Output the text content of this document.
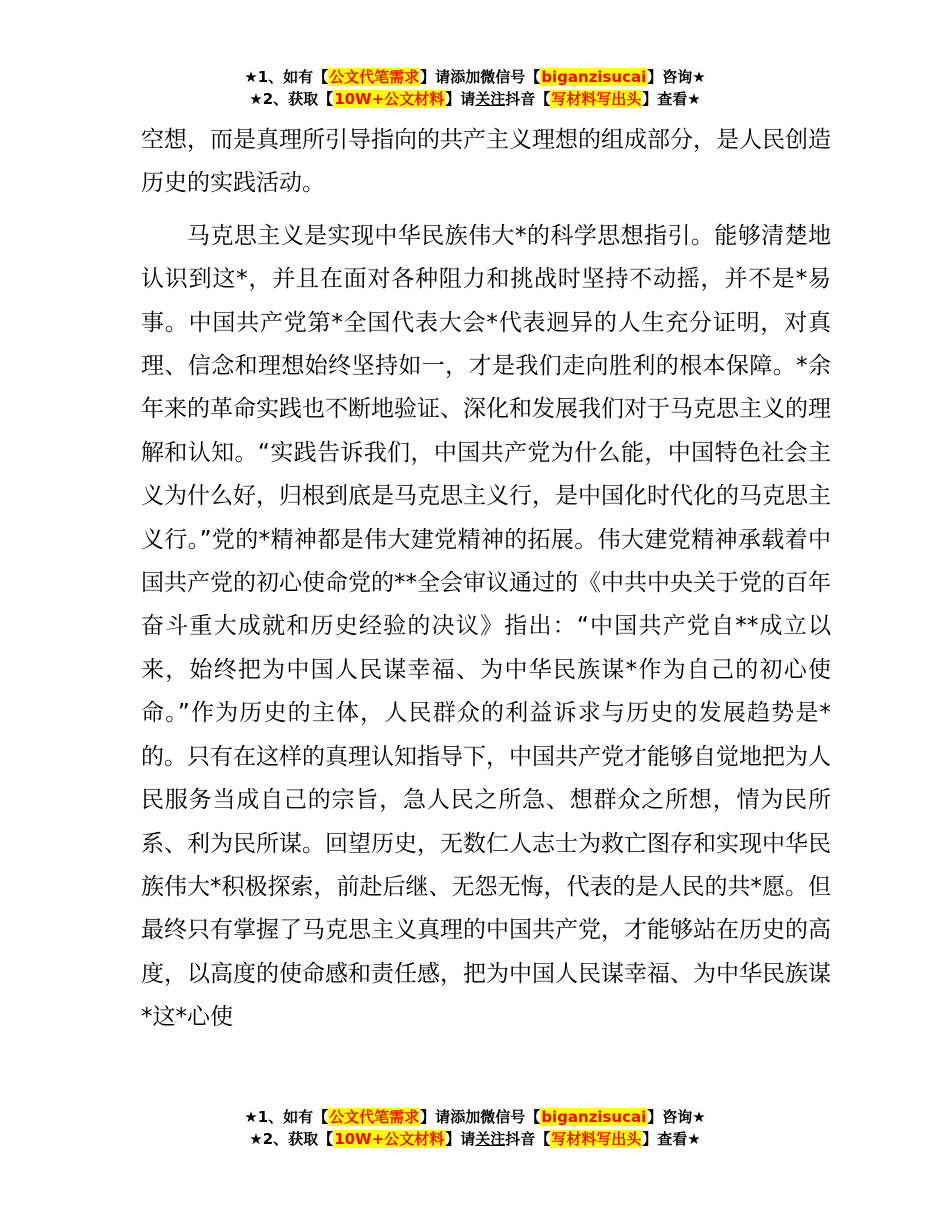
★1、如有【公文代笔需求】请添加微信号【biganzisucai】咨询★
★2、获取【10W+公文材料】请关注抖音【写材料写出头】查看★

空想，而是真理所引导指向的共产主义理想的组成部分，是人民创造历史的实践活动。

马克思主义是实现中华民族伟大*的科学思想指引。能够清楚地认识到这*，并且在面对各种阻力和挑战时坚持不动摇，并不是*易事。中国共产党第*全国代表大会*代表迥异的人生充分证明，对真理、信念和理想始终坚持如一，才是我们走向胜利的根本保障。*余年来的革命实践也不断地验证、深化和发展我们对于马克思主义的理解和认知。“实践告诉我们，中国共产党为什么能，中国特色社会主义为什么好，归根到底是马克思主义行，是中国化时代化的马克思主义行。”党的*精神都是伟大建党精神的拓展。伟大建党精神承载着中国共产党的初心使命党的**全会审议通过的《中共中央关于党的百年奋斗重大成就和历史经验的决议》指出：“中国共产党自**成立以来，始终把为中国人民谋幸福、为中华民族谋*作为自己的初心使命。”作为历史的主体，人民群众的利益诉求与历史的发展趋势是*的。只有在这样的真理认知指导下，中国共产党才能够自觉地把为人民服务当成自己的宗旨，急人民之所急、想群众之所想，情为民所系、利为民所谋。回望历史，无数仁人志士为救亡图存和实现中华民族伟大*积极探索，前赴后继、无怨无悔，代表的是人民的共*愿。但最终只有掌握了马克思主义真理的中国共产党，才能够站在历史的高度，以高度的使命感和责任感，把为中国人民谋幸福、为中华民族谋*这*心使

★1、如有【公文代笔需求】请添加微信号【biganzisucai】咨询★
★2、获取【10W+公文材料】请关注抖音【写材料写出头】查看★
